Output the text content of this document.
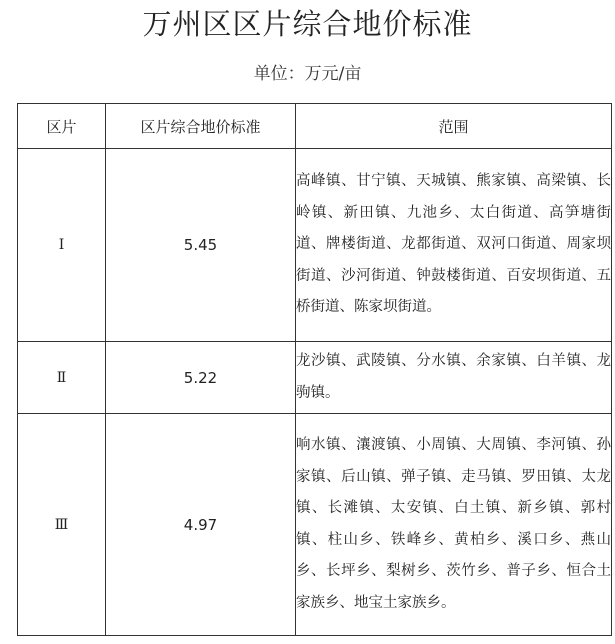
万州区区片综合地价标准
单位：万元/亩
区片	区片综合地价标准	范围
Ⅰ	5.45	高峰镇、甘宁镇、天城镇、熊家镇、高梁镇、长岭镇、新田镇、九池乡、太白街道、高笋塘街道、牌楼街道、龙都街道、双河口街道、周家坝街道、沙河街道、钟鼓楼街道、百安坝街道、五桥街道、陈家坝街道。
Ⅱ	5.22	龙沙镇、武陵镇、分水镇、余家镇、白羊镇、龙驹镇。
Ⅲ	4.97	响水镇、瀼渡镇、小周镇、大周镇、李河镇、孙家镇、后山镇、弹子镇、走马镇、罗田镇、太龙镇、长滩镇、太安镇、白土镇、新乡镇、郭村镇、柱山乡、铁峰乡、黄柏乡、溪口乡、燕山乡、长坪乡、梨树乡、茨竹乡、普子乡、恒合土家族乡、地宝土家族乡。
